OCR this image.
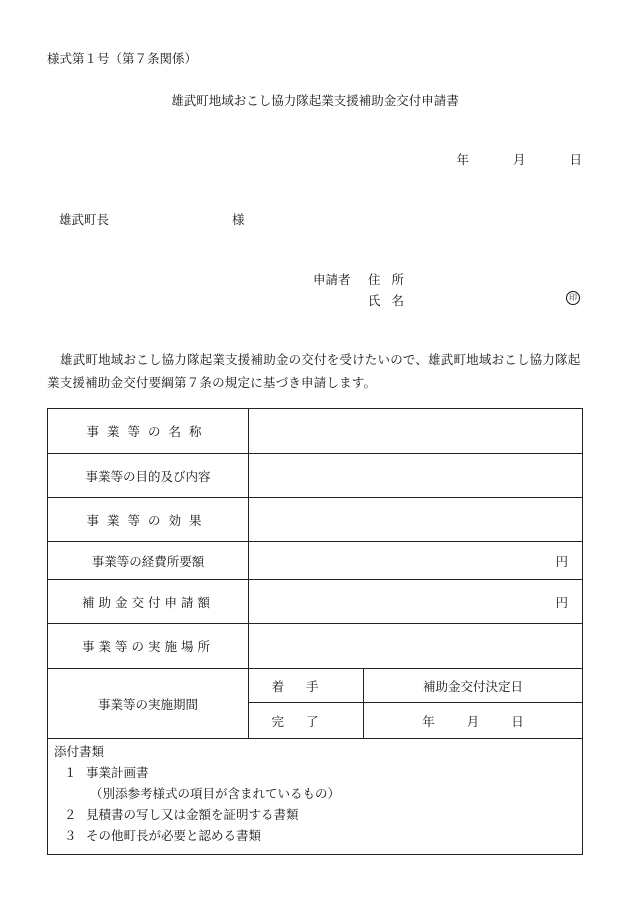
様式第１号（第７条関係）
雄武町地域おこし協力隊起業支援補助金交付申請書
年	月	日
雄武町長	様
申請者 住所
氏名	印
雄武町地域おこし協力隊起業支援補助金の交付を受けたいので、雄武町地域おこし協力隊起業支援補助金交付要綱第７条の規定に基づき申請します。
事業等の名称		
事業等の目的及び内容		
事業等の効果		
事業等の経費所要額	円	
補助金交付申請額	円	
事業等の実施場所		
事業等の実施期間	着手	補助金交付決定日
	完了	年 月 日

添付書類
１ 事業計画書
（別添参考様式の項目が含まれているもの）
２ 見積書の写し又は金額を証明する書類
３ その他町長が必要と認める書類		
